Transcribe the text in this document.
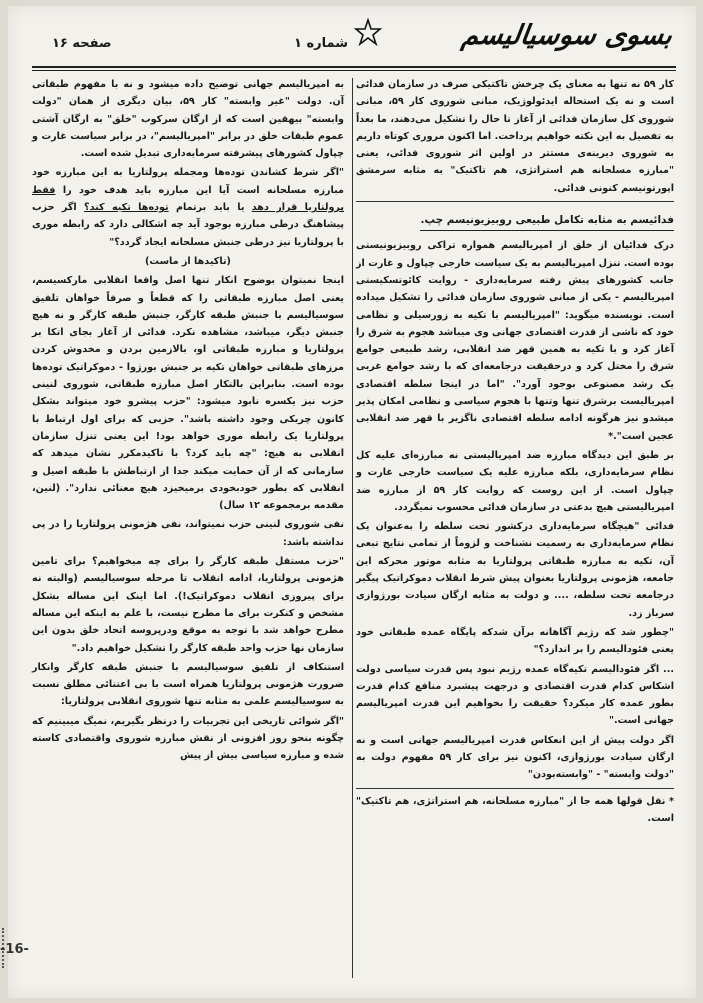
بسوی سوسیالیسم
شماره ۱
صفحه ۱۶

کار ۵۹ نه تنها به معنای یک چرخش تاکتیکی صرف در سازمان فدائی است و نه یک استحاله ایدئولوژیک، مبانی شوروی کار ۵۹، مبانی شوروی کل سازمان فدائی از آغاز تا حال را تشکیل می‌دهند، ما بعداً به تفصیل به این نکته خواهیم پرداخت. اما اکنون مروری کوتاه داریم به شوروی دیرینه‌ی مستتر در اولین اثر شوروی فدائی، یعنی "مبارزه مسلحانه هم استراتژی، هم تاکتیک" به مثابه سرمشق اپورتونیسم کنونی فدائی.

فدائیسم به مثابه تکامل طبیعی روبیزیونیسم چپ.

درک فدائیان از خلق از امپریالیسم همواره تراکی روبیزیونیستی بوده است. تنزل امپریالیسم به یک سیاست خارجی چپاول و غارت از جانب کشورهای پیش رفته سرمایه‌داری - روایت کائوتسکیستی امپریالیسم - یکی از مبانی شوروی سازمان فدائی را تشکیل میداده است. نویسنده میگوید: "امپریالیسم با تکیه به زورسیلی و نظامی خود که ناشی از قدرت اقتصادی جهانی وی میباشد هجوم به شرق را آغاز کرد و با تکیه به همین قهر ضد انقلابی، رشد طبیعی جوامع شرق را مختل کرد و درحقیقت درجامعه‌ای که با رشد جوامع غربی یک رشد مصنوعی بوجود آورد". "اما در اینجا سلطه اقتصادی امپریالیست برشرق تنها وتنها با هجوم سیاسی و نظامی امکان پذیر میشدو نیز هرگونه ادامه سلطه اقتصادی ناگزیر با قهر ضد انقلابی عجین است".*

بر طبق این دیدگاه مبارزه ضد امپریالیستی نه مبارزه‌ای علیه کل نظام سرمایه‌داری، بلکه مبارزه علیه یک سیاست خارجی غارت و چپاول است. از این روست که روایت کار ۵۹ از مبارزه ضد امپریالیستی هیچ بدعتی در سازمان فدائی محسوب نمیگردد.

فدائی "هیچگاه سرمایه‌داری درکشور تحت سلطه را به‌عنوان یک نظام سرمایه‌داری به رسمیت نشناخت و لزوماً از تمامی نتایج تبعی آن، تکیه به مبارزه طبقاتی پرولتاریا به مثابه موتور محرکه این جامعه، هژمونی پرولتاریا بعنوان پیش شرط انقلاب دموکراتیک پیگیر درجامعه تحت سلطه، .... و دولت به مثابه ارگان سیادت بورژوازی سرباز زد.

"چطور شد که رژیم آگاهانه برآن شدکه پایگاه عمده طبقاتی خود یعنی فئودالیسم را بر اندازد؟"

... اگر فئودالیسم تکیه‌گاه عمده رژیم نبود پس قدرت سیاسی دولت اشکاس کدام قدرت اقتصادی و درجهت پیشبرد منافع کدام قدرت بطور عمده کار میکرد؟ حقیقت را بخواهیم این قدرت امپریالیسم جهانی است."

اگر دولت پیش از این انعکاس قدرت امپریالیسم جهانی است و نه ارگان سیادت بورژوازی، اکنون نیز برای کار ۵۹ مفهوم دولت به "دولت وابسته" - "وابسته‌بودن"

* نقل قولها همه جا از "مبارزه مسلحانه، هم استراتژی، هم تاکتیک" است.

به امپریالیسم جهانی توضیح داده میشود و نه با مفهوم طبقاتی آن. دولت "غیر وابسته" کار ۵۹، بیان دیگری از همان "دولت وابسته" بیهقین است که از ارگان سرکوب "خلق" به ارگان آشتی عموم طبقات خلق در برابر "امپریالیسم"، در برابر سیاست غارت و چپاول کشورهای پیشرفته سرمایه‌داری تبدیل شده است.

"اگر شرط کشاندن توده‌ها ومجمله پرولتاریا به این مبارزه خود مبارزه مسلحانه است آیا این مبارزه باید هدف خود را فقط پرولتاریا قرار دهد یا باید برتمام توده‌ها تکیه کند؟ اگر حزب پیشاهنگ درطی مبارزه بوجود آید چه اشکالی دارد که رابطه موری با پرولتاریا نیز درطی جنبش مسلحانه ایجاد گردد؟"

(تاکیدها از ماست)

اینجا نمیتوان بوضوح انکار تنها اصل واقعا انقلابی مارکسیسم، یعنی اصل مبارزه طبقاتی را که قطعاً و صرفاً خواهان تلفیق سوسیالیسم با جنبش طبقه کارگر، جنبش طبقه کارگر و نه هیچ جنبش دیگر، میباشد، مشاهده نکرد. فدائی از آغاز بجای اتکا بر پرولتاریا و مبارزه طبقاتی او، بالازمین بردن و مخدوش کردن مرزهای طبقاتی خواهان تکیه بر جنبش بورژوا - دموکراتیک توده‌ها بوده است. بنابراین بالتکار اصل مبارزه طبقاتی، شوروی لنینی حزب نیز یکسره نابود میشود: "حزب پیشرو خود میتواند بشکل کانون چریکی وجود داشته باشد". حزبی که برای اول ارتباط با پرولتاریا یک رابطه موری خواهد بود! این یعنی تنزل سازمان انقلابی به هیچ: "چه باید کرد؟ با تاکیدمکرر نشان میدهد که سازمانی که از آن حمایت میکند جدا از ارتباطش با طبقه اصیل و انقلابی که بطور خودبخودی برمیخیزد هیچ معنائی ندارد". (لنین، مقدمه برمجموعه ۱۲ سال)

نفی شوروی لنینی حزب نمیتواند، نفی هژمونی پرولتاریا را در پی نداشته باشد:

"حزب مستقل طبقه کارگر را برای چه میخواهیم؟ برای تامین هژمونی پرولتاریا، ادامه انقلاب تا مرحله سوسیالیسم (والبته نه برای پیروزی انقلاب دموکراتیک!). اما اینک این مساله بشکل مشخص و کنکرت برای ما مطرح نیست، با علم به اینکه این مساله مطرح خواهد شد با توجه به موقع ودرپروسه اتحاد خلق بدون این سازمان نها حزب واحد طبقه کارگر را تشکیل خواهیم داد."

استنکاف از تلفیق سوسیالیسم با جنبش طبقه کارگر وانکار ضرورت هژمونی پرولتاریا همراه است با بی اعتنائی مطلق نسبت به سوسیالیسم علمی به مثابه تنها شوروی انقلابی پرولتاریا:

"اگر شوائی تاریخی این تجربیات را درنظر بگیریم، نمیگ میبینیم که چگونه بنحو روز افزونی از نقش مبارزه شوروی واقتصادی کاسته شده و مبارزه سیاسی بیش از پیش

-16-
